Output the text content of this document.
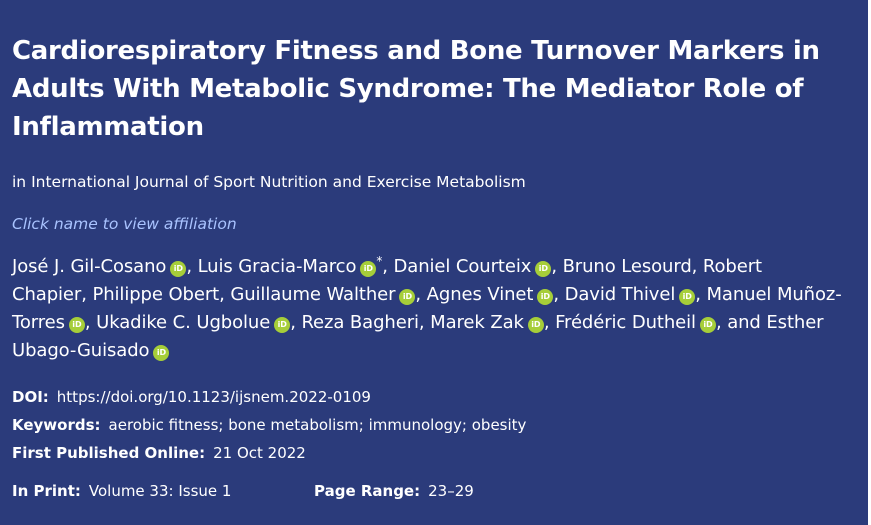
Cardiorespiratory Fitness and Bone Turnover Markers in Adults With Metabolic Syndrome: The Mediator Role of Inflammation
in International Journal of Sport Nutrition and Exercise Metabolism
Click name to view affiliation
José J. Gil-Cosano iD , Luis Gracia-Marco iD*, Daniel Courteix iD , Bruno Lesourd, Robert Chapier, Philippe Obert, Guillaume Walther iD , Agnes Vinet iD , David Thivel iD , Manuel Muñoz-Torres iD , Ukadike C. Ugbolue iD , Reza Bagheri, Marek Zak iD , Frédéric Dutheil iD , and Esther Ubago-Guisado iD
DOI: https://doi.org/10.1123/ijsnem.2022-0109
Keywords: aerobic fitness; bone metabolism; immunology; obesity
First Published Online: 21 Oct 2022
In Print: Volume 33: Issue 1	Page Range: 23–29
